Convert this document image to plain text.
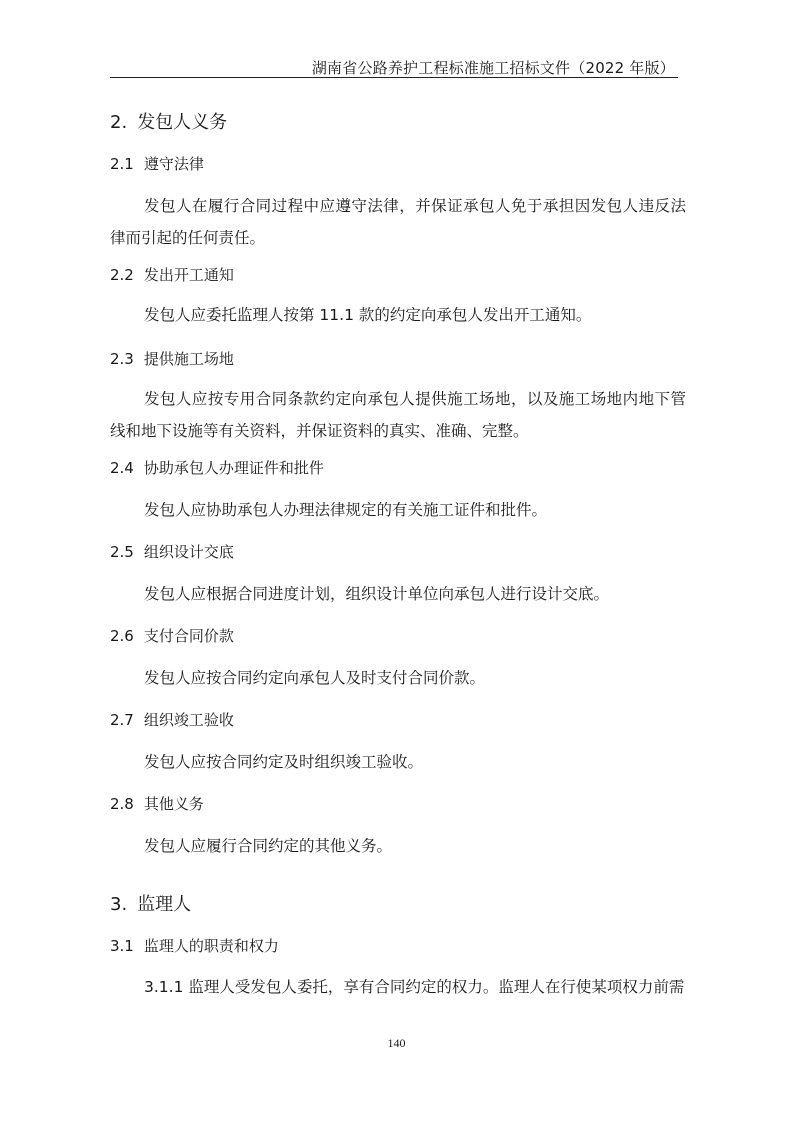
湖南省公路养护工程标准施工招标文件（2022 年版）
2. 发包人义务
2.1 遵守法律
发包人在履行合同过程中应遵守法律，并保证承包人免于承担因发包人违反法律而引起的任何责任。
2.2 发出开工通知
发包人应委托监理人按第 11.1 款的约定向承包人发出开工通知。
2.3 提供施工场地
发包人应按专用合同条款约定向承包人提供施工场地，以及施工场地内地下管线和地下设施等有关资料，并保证资料的真实、准确、完整。
2.4 协助承包人办理证件和批件
发包人应协助承包人办理法律规定的有关施工证件和批件。
2.5 组织设计交底
发包人应根据合同进度计划，组织设计单位向承包人进行设计交底。
2.6 支付合同价款
发包人应按合同约定向承包人及时支付合同价款。
2.7 组织竣工验收
发包人应按合同约定及时组织竣工验收。
2.8 其他义务
发包人应履行合同约定的其他义务。
3. 监理人
3.1 监理人的职责和权力
3.1.1 监理人受发包人委托，享有合同约定的权力。监理人在行使某项权力前需
140
